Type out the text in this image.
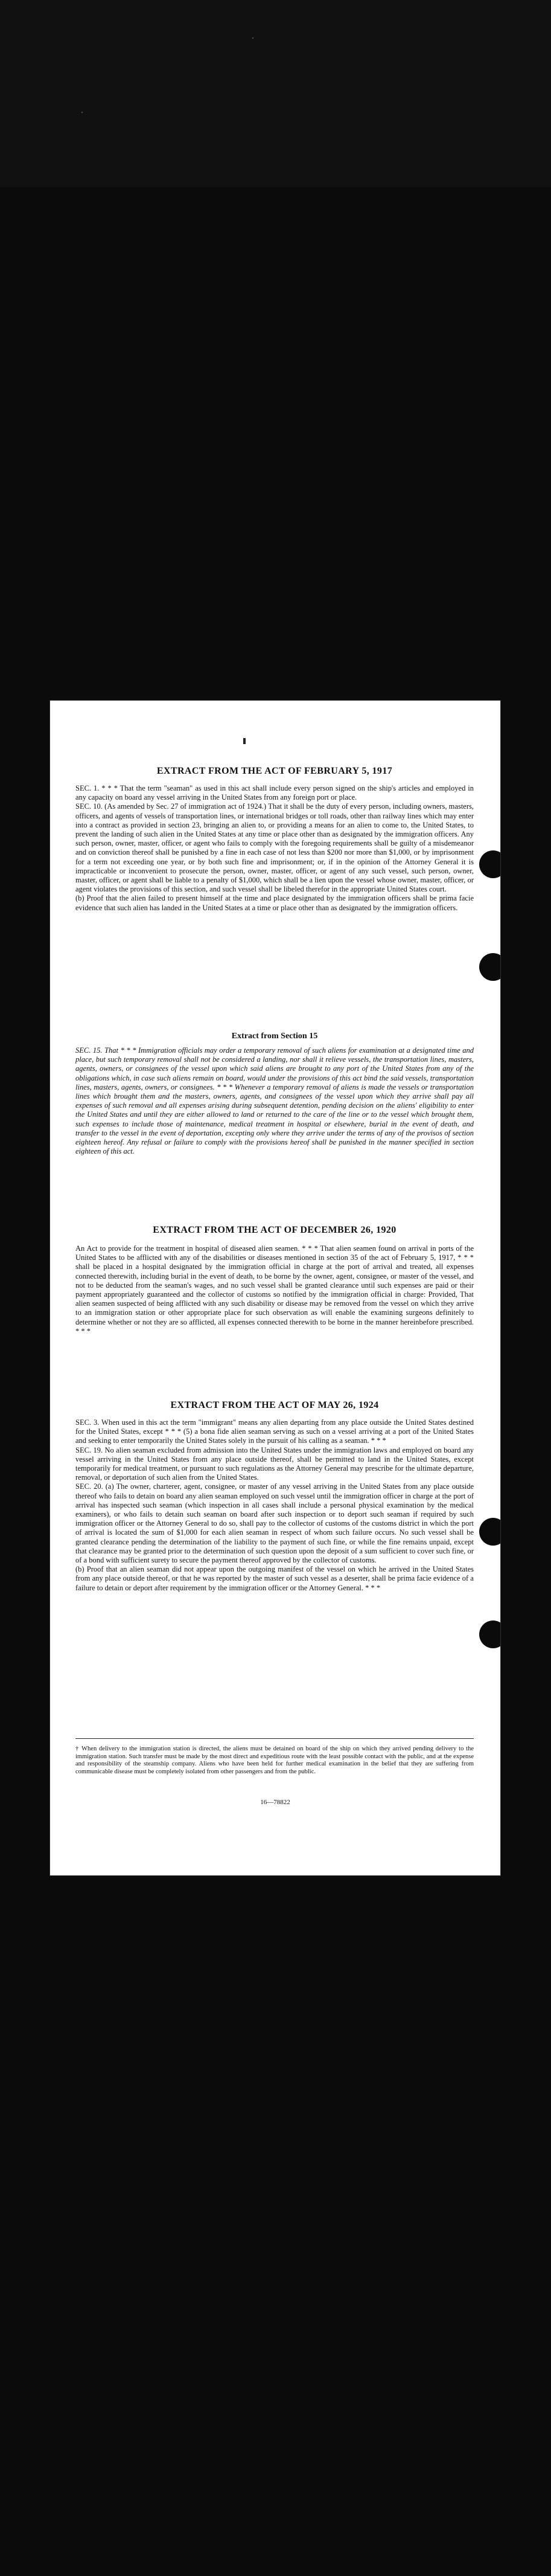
EXTRACT FROM THE ACT OF FEBRUARY 5, 1917

SEC. 1. * * * That the term "seaman" as used in this act shall include every person signed on the ship's articles and employed in any capacity on board any vessel arriving in the United States from any foreign port or place.

SEC. 10. (As amended by Sec. 27 of immigration act of 1924.) That it shall be the duty of every person, including owners, masters, officers, and agents of vessels of transportation lines, or international bridges or toll roads, other than railway lines which may enter into a contract as provided in section 23, bringing an alien to, or providing a means for an alien to come to, the United States, to prevent the landing of such alien in the United States at any time or place other than as designated by the immigration officers. Any such person, owner, master, officer, or agent who fails to comply with the foregoing requirements shall be guilty of a misdemeanor and on conviction thereof shall be punished by a fine in each case of not less than $200 nor more than $1,000, or by imprisonment for a term not exceeding one year, or by both such fine and imprisonment; or, if in the opinion of the Attorney General it is impracticable or inconvenient to prosecute the person, owner, master, officer, or agent of any such vessel, such person, owner, master, officer, or agent shall be liable to a penalty of $1,000, which shall be a lien upon the vessel whose owner, master, officer, or agent violates the provisions of this section, and such vessel shall be libeled therefor in the appropriate United States court.

(b) Proof that the alien failed to present himself at the time and place designated by the immigration officers shall be prima facie evidence that such alien has landed in the United States at a time or place other than as designated by the immigration officers.

Extract from Section 15

SEC. 15. That * * * Immigration officials may order a temporary removal of such aliens for examination at a designated time and place, but such temporary removal shall not be considered a landing, nor shall it relieve vessels, the transportation lines, masters, agents, owners, or consignees of the vessel upon which said aliens are brought to any port of the United States from any of the obligations which, in case such aliens remain on board, would under the provisions of this act bind the said vessels, transportation lines, masters, agents, owners, or consignees. * * * Whenever a temporary removal of aliens is made the vessels or transportation lines which brought them and the masters, owners, agents, and consignees of the vessel upon which they arrive shall pay all expenses of such removal and all expenses arising during subsequent detention, pending decision on the aliens' eligibility to enter the United States and until they are either allowed to land or returned to the care of the line or to the vessel which brought them, such expenses to include those of maintenance, medical treatment in hospital or elsewhere, burial in the event of death, and transfer to the vessel in the event of deportation, excepting only where they arrive under the terms of any of the provisos of section eighteen hereof. Any refusal or failure to comply with the provisions hereof shall be punished in the manner specified in section eighteen of this act.

EXTRACT FROM THE ACT OF DECEMBER 26, 1920

An Act to provide for the treatment in hospital of diseased alien seamen. * * * That alien seamen found on arrival in ports of the United States to be afflicted with any of the disabilities or diseases mentioned in section 35 of the act of February 5, 1917, * * * shall be placed in a hospital designated by the immigration official in charge at the port of arrival and treated, all expenses connected therewith, including burial in the event of death, to be borne by the owner, agent, consignee, or master of the vessel, and not to be deducted from the seaman's wages, and no such vessel shall be granted clearance until such expenses are paid or their payment appropriately guaranteed and the collector of customs so notified by the immigration official in charge: Provided, That alien seamen suspected of being afflicted with any such disability or disease may be removed from the vessel on which they arrive to an immigration station or other appropriate place for such observation as will enable the examining surgeons definitely to determine whether or not they are so afflicted, all expenses connected therewith to be borne in the manner hereinbefore prescribed. * * *

EXTRACT FROM THE ACT OF MAY 26, 1924

SEC. 3. When used in this act the term "immigrant" means any alien departing from any place outside the United States destined for the United States, except * * * (5) a bona fide alien seaman serving as such on a vessel arriving at a port of the United States and seeking to enter temporarily the United States solely in the pursuit of his calling as a seaman. * * *

SEC. 19. No alien seaman excluded from admission into the United States under the immigration laws and employed on board any vessel arriving in the United States from any place outside thereof, shall be permitted to land in the United States, except temporarily for medical treatment, or pursuant to such regulations as the Attorney General may prescribe for the ultimate departure, removal, or deportation of such alien from the United States.

SEC. 20. (a) The owner, charterer, agent, consignee, or master of any vessel arriving in the United States from any place outside thereof who fails to detain on board any alien seaman employed on such vessel until the immigration officer in charge at the port of arrival has inspected such seaman (which inspection in all cases shall include a personal physical examination by the medical examiners), or who fails to detain such seaman on board after such inspection or to deport such seaman if required by such immigration officer or the Attorney General to do so, shall pay to the collector of customs of the customs district in which the port of arrival is located the sum of $1,000 for each alien seaman in respect of whom such failure occurs. No such vessel shall be granted clearance pending the determination of the liability to the payment of such fine, or while the fine remains unpaid, except that clearance may be granted prior to the determination of such question upon the deposit of a sum sufficient to cover such fine, or of a bond with sufficient surety to secure the payment thereof approved by the collector of customs.

(b) Proof that an alien seaman did not appear upon the outgoing manifest of the vessel on which he arrived in the United States from any place outside thereof, or that he was reported by the master of such vessel as a deserter, shall be prima facie evidence of a failure to detain or deport after requirement by the immigration officer or the Attorney General. * * *

† When delivery to the immigration station is directed, the aliens must be detained on board of the ship on which they arrived pending delivery to the immigration station. Such transfer must be made by the most direct and expeditious route with the least possible contact with the public, and at the expense and responsibility of the steamship company. Aliens who have been held for further medical examination in the belief that they are suffering from communicable disease must be completely isolated from other passengers and from the public.

16—78822
